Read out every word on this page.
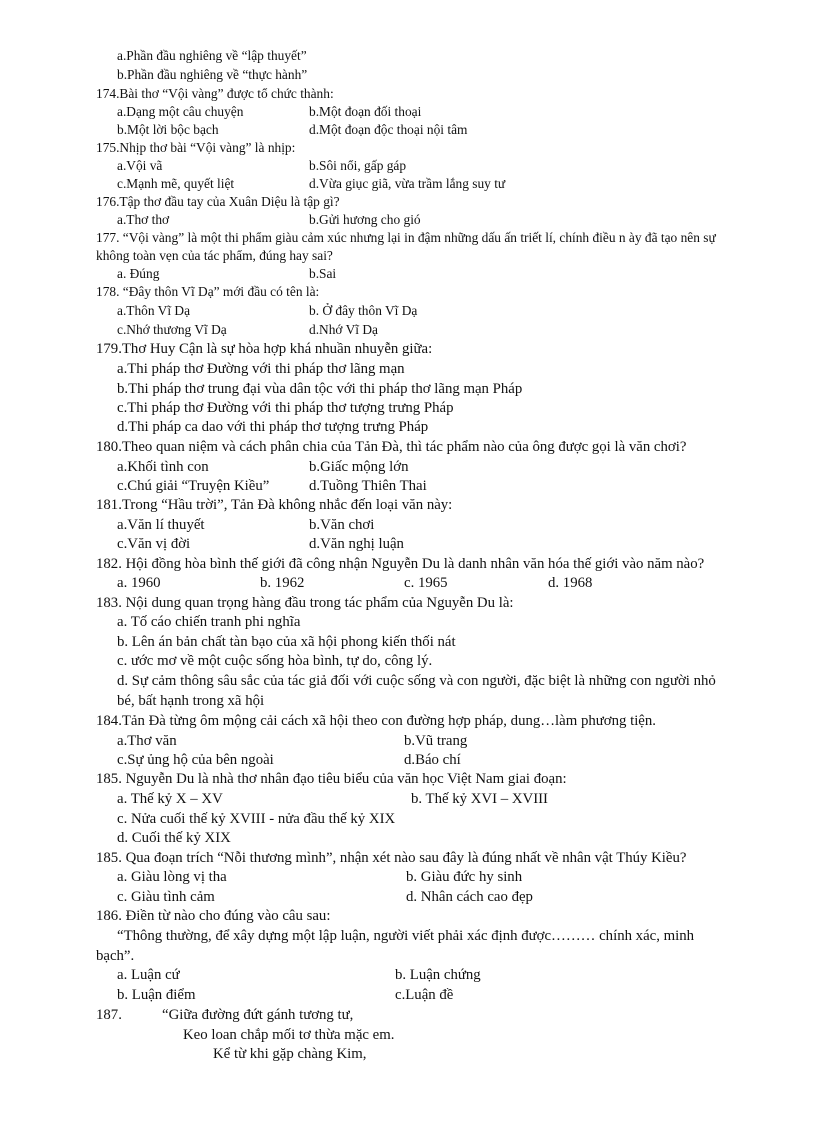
a.Phần đầu nghiêng về “lập thuyết”
b.Phần đầu nghiêng về “thực hành”
174.Bài thơ “Vội vàng” được tổ chức thành:
a.Dạng một câu chuyện	b.Một đoạn đối thoại
b.Một lời bộc bạch	d.Một đoạn độc thoại nội tâm
175.Nhịp thơ bài “Vội vàng” là nhịp:
a.Vội vã	b.Sôi nổi, gấp gáp
c.Mạnh mẽ, quyết liệt	d.Vừa giục giã, vừa trầm lắng suy tư
176.Tập thơ đầu tay của Xuân Diệu là tập gì?
a.Thơ thơ	b.Gửi hương cho gió
177. “Vội vàng” là một thi phẩm giàu cảm xúc nhưng lại in đậm những dấu ấn triết lí, chính điều n ày đã tạo nên sự
không toàn vẹn của tác phẩm, đúng hay sai?
a. Đúng	b.Sai
178. “Đây thôn Vĩ Dạ” mới đầu có tên là:
a.Thôn Vĩ Dạ	b. Ở đây thôn Vĩ Dạ
c.Nhớ thương Vĩ Dạ	d.Nhớ Vĩ Dạ
179.Thơ Huy Cận là sự hòa hợp khá nhuần nhuyễn giữa:
a.Thi pháp thơ Đường với thi pháp thơ lãng mạn
b.Thi pháp thơ trung đại vùa dân tộc với thi pháp thơ lãng mạn Pháp
c.Thi pháp thơ Đường với thi pháp thơ tượng trưng Pháp
d.Thi pháp ca dao với thi pháp thơ tượng trưng Pháp
180.Theo quan niệm và cách phân chia của Tản Đà, thì tác phẩm nào của ông được gọi là văn chơi?
a.Khối tình con	b.Giấc mộng lớn
c.Chú giải “Truyện Kiều”	d.Tuồng Thiên Thai
181.Trong “Hầu trời”, Tản Đà không nhắc đến loại văn này:
a.Văn lí thuyết	b.Văn chơi
c.Văn vị đời	d.Văn nghị luận
182. Hội đồng hòa bình thế giới đã công nhận Nguyễn Du là danh nhân văn hóa thế giới vào năm nào?
a. 1960	b. 1962	c. 1965	d. 1968
183. Nội dung quan trọng hàng đầu trong tác phẩm của Nguyễn Du là:
a. Tố cáo chiến tranh phi nghĩa
b. Lên án bản chất tàn bạo của xã hội phong kiến thối nát
c. ước mơ về một cuộc sống hòa bình, tự do, công lý.
d. Sự cảm thông sâu sắc của tác giả đối với cuộc sống và con người, đặc biệt là những con người nhỏ
bé, bất hạnh trong xã hội
184.Tản Đà từng ôm mộng cải cách xã hội theo con đường hợp pháp, dung…làm phương tiện.
a.Thơ văn	b.Vũ trang
c.Sự ủng hộ của bên ngoài	d.Báo chí
185. Nguyễn Du là nhà thơ nhân đạo tiêu biểu của văn học Việt Nam giai đoạn:
a. Thế kỷ X – XV	b. Thế kỷ XVI – XVIII
c. Nửa cuối thế kỷ XVIII - nửa đầu thế kỷ XIX
d. Cuối thế kỷ XIX
185. Qua đoạn trích “Nỗi thương mình”, nhận xét nào sau đây là đúng nhất về nhân vật Thúy Kiều?
a. Giàu lòng vị tha	b. Giàu đức hy sinh
c. Giàu tình cảm	d. Nhân cách cao đẹp
186. Điền từ nào cho đúng vào câu sau:
“Thông thường, để xây dựng một lập luận, người viết phải xác định được……… chính xác, minh
bạch”.
a. Luận cứ	b. Luận chứng
b. Luận điểm	c.Luận đề
187.	“Giữa đường đứt gánh tương tư,
Keo loan chắp mối tơ thừa mặc em.
Kể từ khi gặp chàng Kim,
